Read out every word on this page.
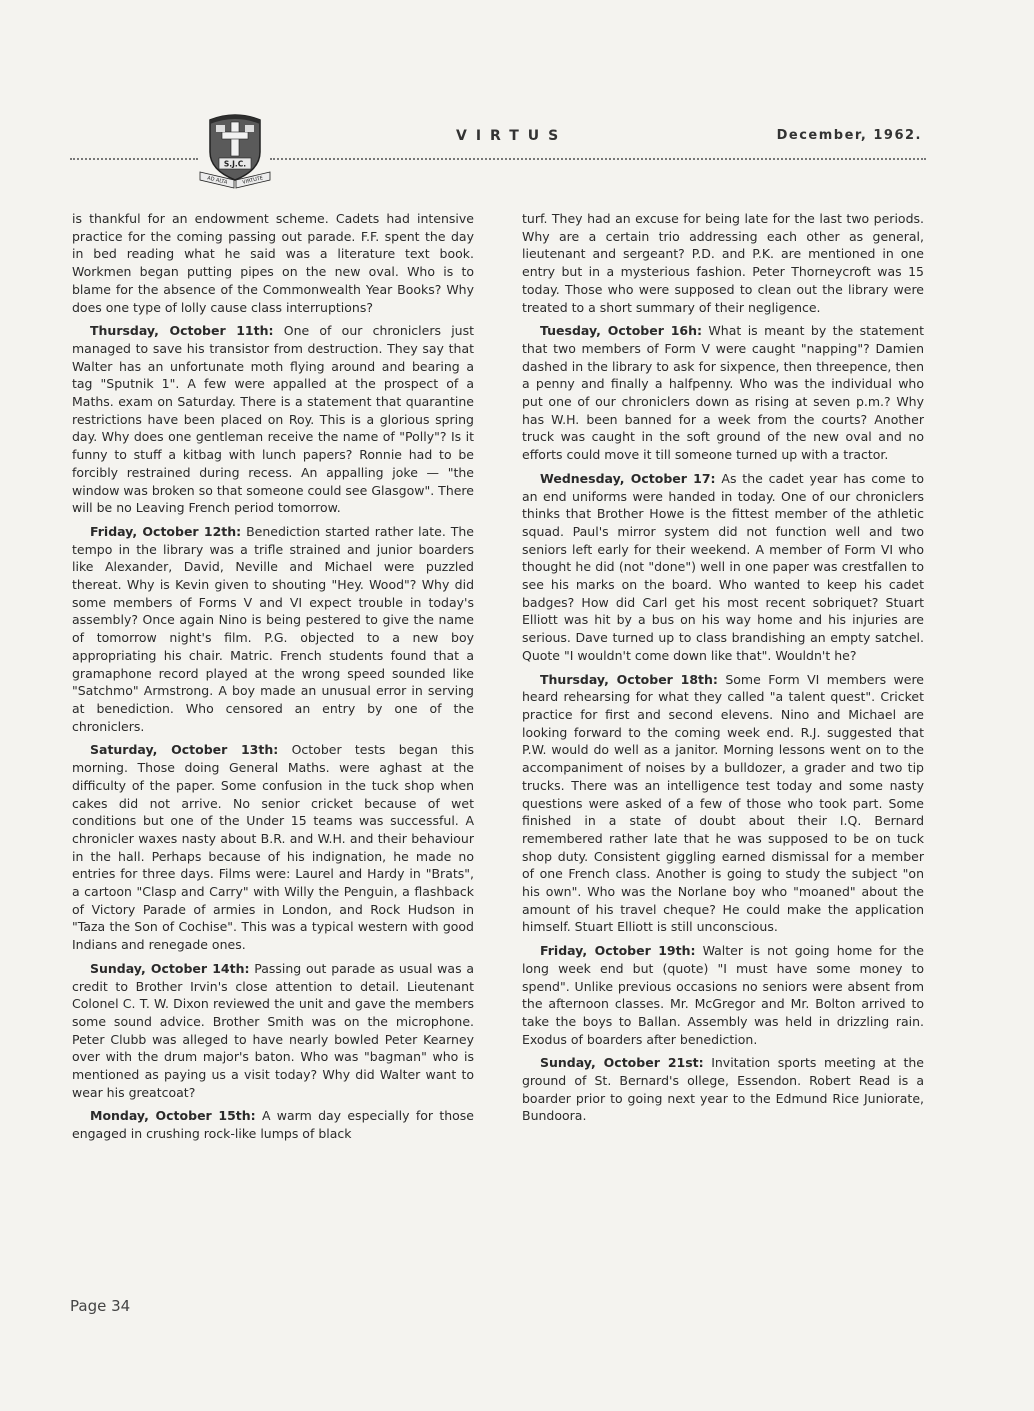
S.J.C.
AD ALTA	VIRTUTE
VIRTUS	December, 1962.

is thankful for an endowment scheme. Cadets had intensive practice for the coming passing out parade. F.F. spent the day in bed reading what he said was a literature text book. Workmen began putting pipes on the new oval. Who is to blame for the absence of the Commonwealth Year Books? Why does one type of lolly cause class interruptions?

Thursday, October 11th: One of our chroniclers just managed to save his transistor from destruction. They say that Walter has an unfortunate moth flying around and bearing a tag "Sputnik 1". A few were appalled at the prospect of a Maths. exam on Saturday. There is a statement that quarantine restrictions have been placed on Roy. This is a glorious spring day. Why does one gentleman receive the name of "Polly"? Is it funny to stuff a kitbag with lunch papers? Ronnie had to be forcibly restrained during recess. An appalling joke — "the window was broken so that someone could see Glasgow". There will be no Leaving French period tomorrow.

Friday, October 12th: Benediction started rather late. The tempo in the library was a trifle strained and junior boarders like Alexander, David, Neville and Michael were puzzled thereat. Why is Kevin given to shouting "Hey. Wood"? Why did some members of Forms V and VI expect trouble in today's assembly? Once again Nino is being pestered to give the name of tomorrow night's film. P.G. objected to a new boy appropriating his chair. Matric. French students found that a gramaphone record played at the wrong speed sounded like "Satchmo" Armstrong. A boy made an unusual error in serving at benediction. Who censored an entry by one of the chroniclers.

Saturday, October 13th: October tests began this morning. Those doing General Maths. were aghast at the difficulty of the paper. Some confusion in the tuck shop when cakes did not arrive. No senior cricket because of wet conditions but one of the Under 15 teams was successful. A chronicler waxes nasty about B.R. and W.H. and their behaviour in the hall. Perhaps because of his indignation, he made no entries for three days. Films were: Laurel and Hardy in "Brats", a cartoon "Clasp and Carry" with Willy the Penguin, a flashback of Victory Parade of armies in London, and Rock Hudson in "Taza the Son of Cochise". This was a typical western with good Indians and renegade ones.

Sunday, October 14th: Passing out parade as usual was a credit to Brother Irvin's close attention to detail. Lieutenant Colonel C. T. W. Dixon reviewed the unit and gave the members some sound advice. Brother Smith was on the microphone. Peter Clubb was alleged to have nearly bowled Peter Kearney over with the drum major's baton. Who was "bagman" who is mentioned as paying us a visit today? Why did Walter want to wear his greatcoat?

Monday, October 15th: A warm day especially for those engaged in crushing rock-like lumps of black

turf. They had an excuse for being late for the last two periods. Why are a certain trio addressing each other as general, lieutenant and sergeant? P.D. and P.K. are mentioned in one entry but in a mysterious fashion. Peter Thorneycroft was 15 today. Those who were supposed to clean out the library were treated to a short summary of their negligence.

Tuesday, October 16h: What is meant by the statement that two members of Form V were caught "napping"? Damien dashed in the library to ask for sixpence, then threepence, then a penny and finally a halfpenny. Who was the individual who put one of our chroniclers down as rising at seven p.m.? Why has W.H. been banned for a week from the courts? Another truck was caught in the soft ground of the new oval and no efforts could move it till someone turned up with a tractor.

Wednesday, October 17: As the cadet year has come to an end uniforms were handed in today. One of our chroniclers thinks that Brother Howe is the fittest member of the athletic squad. Paul's mirror system did not function well and two seniors left early for their weekend. A member of Form VI who thought he did (not "done") well in one paper was crestfallen to see his marks on the board. Who wanted to keep his cadet badges? How did Carl get his most recent sobriquet? Stuart Elliott was hit by a bus on his way home and his injuries are serious. Dave turned up to class brandishing an empty satchel. Quote "I wouldn't come down like that". Wouldn't he?

Thursday, October 18th: Some Form VI members were heard rehearsing for what they called "a talent quest". Cricket practice for first and second elevens. Nino and Michael are looking forward to the coming week end. R.J. suggested that P.W. would do well as a janitor. Morning lessons went on to the accompaniment of noises by a bulldozer, a grader and two tip trucks. There was an intelligence test today and some nasty questions were asked of a few of those who took part. Some finished in a state of doubt about their I.Q. Bernard remembered rather late that he was supposed to be on tuck shop duty. Consistent giggling earned dismissal for a member of one French class. Another is going to study the subject "on his own". Who was the Norlane boy who "moaned" about the amount of his travel cheque? He could make the application himself. Stuart Elliott is still unconscious.

Friday, October 19th: Walter is not going home for the long week end but (quote) "I must have some money to spend". Unlike previous occasions no seniors were absent from the afternoon classes. Mr. McGregor and Mr. Bolton arrived to take the boys to Ballan. Assembly was held in drizzling rain. Exodus of boarders after benediction.

Sunday, October 21st: Invitation sports meeting at the ground of St. Bernard's ollege, Essendon. Robert Read is a boarder prior to going next year to the Edmund Rice Juniorate, Bundoora.

Page 34
